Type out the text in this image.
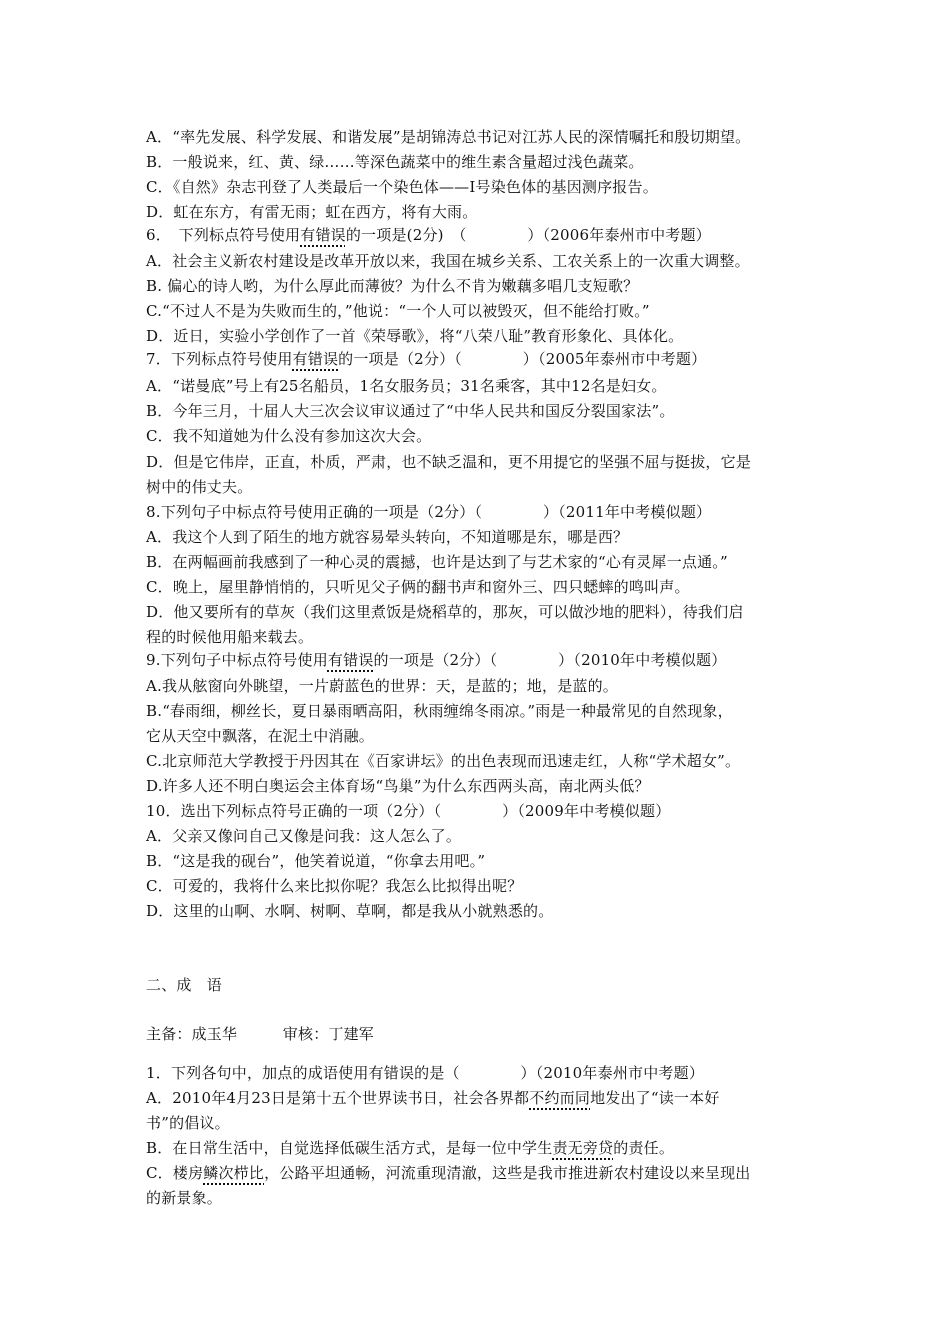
A．“率先发展、科学发展、和谐发展”是胡锦涛总书记对江苏人民的深情嘱托和殷切期望。
B．一般说来，红、黄、绿……等深色蔬菜中的维生素含量超过浅色蔬菜。
C．《自然》杂志刊登了人类最后一个染色体——Ⅰ号染色体的基因测序报告。
D．虹在东方，有雷无雨；虹在西方，将有大雨。
6．　下列标点符号使用有错误的一项是(2分)　（　　　　）（2006年泰州市中考题）
A．社会主义新农村建设是改革开放以来，我国在城乡关系、工农关系上的一次重大调整。
B. 偏心的诗人哟，为什么厚此而薄彼？为什么不肯为嫩藕多唱几支短歌？
C.“不过人不是为失败而生的，”他说：“一个人可以被毁灭，但不能给打败。”
D．近日，实验小学创作了一首《荣辱歌》，将“八荣八耻”教育形象化、具体化。
7．下列标点符号使用有错误的一项是（2分）（　　　　）（2005年泰州市中考题）
A．“诺曼底”号上有25名船员，1名女服务员；31名乘客，其中12名是妇女。
B．今年三月，十届人大三次会议审议通过了“中华人民共和国反分裂国家法”。
C．我不知道她为什么没有参加这次大会。
D．但是它伟岸，正直，朴质，严肃，也不缺乏温和，更不用提它的坚强不屈与挺拔，它是
树中的伟丈夫。
8.下列句子中标点符号使用正确的一项是（2分）（　　　　）（2011年中考模似题）
A．我这个人到了陌生的地方就容易晕头转向，不知道哪是东，哪是西？
B．在两幅画前我感到了一种心灵的震撼，也许是达到了与艺术家的“心有灵犀一点通。”
C．晚上，屋里静悄悄的，只听见父子俩的翻书声和窗外三、四只蟋蟀的鸣叫声。
D．他又要所有的草灰（我们这里煮饭是烧稻草的，那灰，可以做沙地的肥料），待我们启
程的时候他用船来载去。
9.下列句子中标点符号使用有错误的一项是（2分）（　　　　）（2010年中考模似题）
A.我从舷窗向外眺望，一片蔚蓝色的世界：天，是蓝的；地，是蓝的。
B.“春雨细，柳丝长，夏日暴雨晒高阳，秋雨缠绵冬雨凉。”雨是一种最常见的自然现象，
它从天空中飘落，在泥土中消融。
C.北京师范大学教授于丹因其在《百家讲坛》的出色表现而迅速走红，人称“学术超女”。
D.许多人还不明白奥运会主体育场“鸟巢”为什么东西两头高，南北两头低？
10．选出下列标点符号正确的一项（2分）（　　　　）（2009年中考模似题）
A．父亲又像问自己又像是问我：这人怎么了。
B．“这是我的砚台”，他笑着说道，“你拿去用吧。”
C．可爱的，我将什么来比拟你呢？我怎么比拟得出呢？
D．这里的山啊、水啊、树啊、草啊，都是我从小就熟悉的。
二、成　语
主备：成玉华　　　审核：丁建军
1．下列各句中，加点的成语使用有错误的是（　　　　）（2010年泰州市中考题）
A．2010年4月23日是第十五个世界读书日，社会各界都不约而同地发出了“读一本好
书”的倡议。
B．在日常生活中，自觉选择低碳生活方式，是每一位中学生责无旁贷的责任。
C．楼房鳞次栉比，公路平坦通畅，河流重现清澈，这些是我市推进新农村建设以来呈现出
的新景象。
